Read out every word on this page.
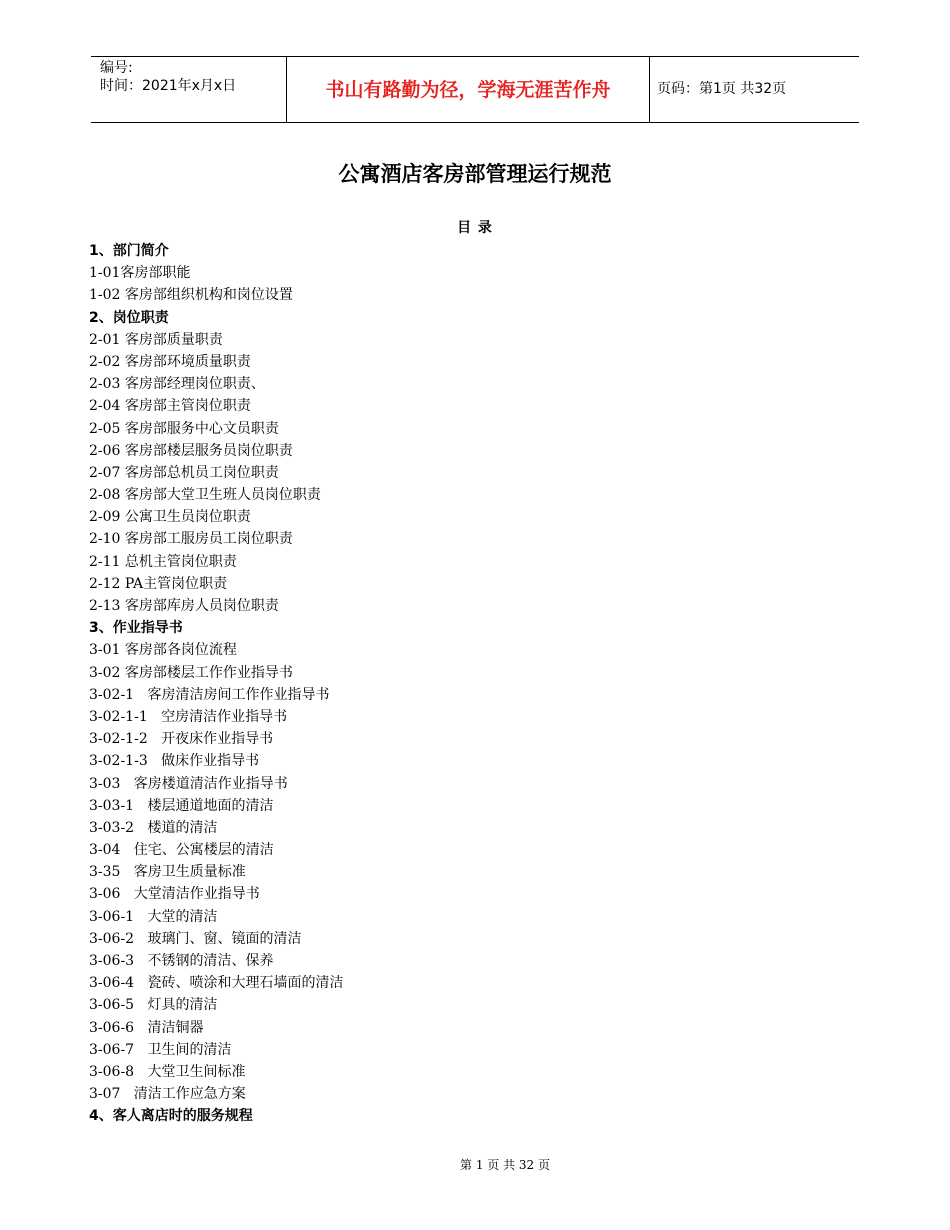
编号:
时间：2021年x月x日	书山有路勤为径，学海无涯苦作舟	页码：第1页 共32页
公寓酒店客房部管理运行规范
目 录
1、部门简介
1-01客房部职能
1-02 客房部组织机构和岗位设置
2、岗位职责
2-01 客房部质量职责
2-02 客房部环境质量职责
2-03 客房部经理岗位职责、
2-04 客房部主管岗位职责
2-05 客房部服务中心文员职责
2-06 客房部楼层服务员岗位职责
2-07 客房部总机员工岗位职责
2-08 客房部大堂卫生班人员岗位职责
2-09 公寓卫生员岗位职责
2-10 客房部工服房员工岗位职责
2-11 总机主管岗位职责
2-12 PA主管岗位职责
2-13 客房部库房人员岗位职责
3、作业指导书
3-01 客房部各岗位流程
3-02 客房部楼层工作作业指导书
3-02-1   客房清洁房间工作作业指导书
3-02-1-1   空房清洁作业指导书
3-02-1-2   开夜床作业指导书
3-02-1-3   做床作业指导书
3-03   客房楼道清洁作业指导书
3-03-1   楼层通道地面的清洁
3-03-2   楼道的清洁
3-04   住宅、公寓楼层的清洁
3-35   客房卫生质量标准
3-06   大堂清洁作业指导书
3-06-1   大堂的清洁
3-06-2   玻璃门、窗、镜面的清洁
3-06-3   不锈钢的清洁、保养
3-06-4   瓷砖、喷涂和大理石墙面的清洁
3-06-5   灯具的清洁
3-06-6   清洁铜器
3-06-7   卫生间的清洁
3-06-8   大堂卫生间标准
3-07   清洁工作应急方案
4、客人离店时的服务规程
第 1 页 共 32 页
